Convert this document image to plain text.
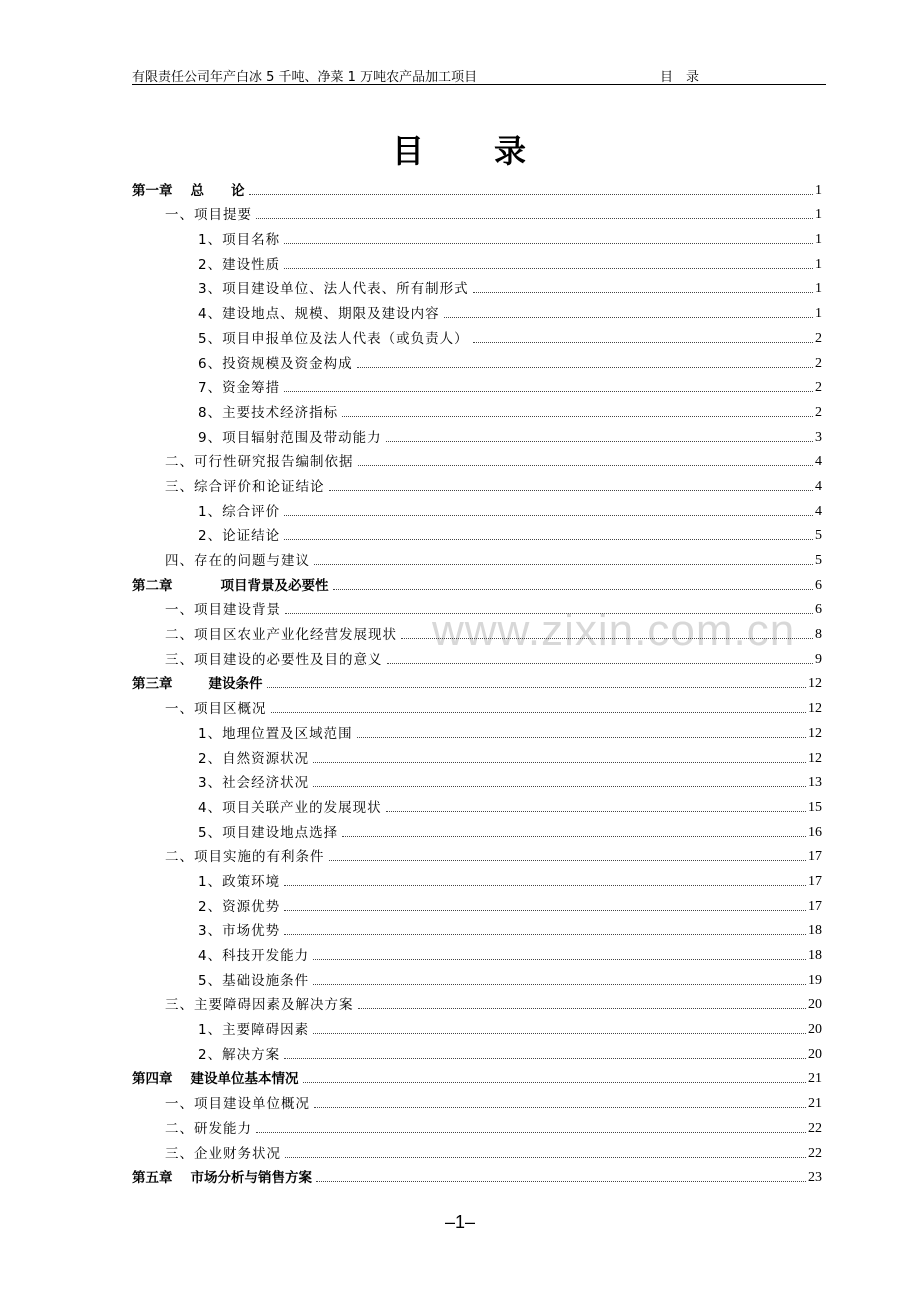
有限责任公司年产白冰 5 千吨、净菜 1 万吨农产品加工项目	目　录
目　　录
www.zixin.com.cn
第一章 总　　论	1
一、项目提要	1
1、项目名称	1
2、建设性质	1
3、项目建设单位、法人代表、所有制形式	1
4、建设地点、规模、期限及建设内容	1
5、项目申报单位及法人代表（或负责人）	2
6、投资规模及资金构成	2
7、资金筹措	2
8、主要技术经济指标	2
9、项目辐射范围及带动能力	3
二、可行性研究报告编制依据	4
三、综合评价和论证结论	4
1、综合评价	4
2、论证结论	5
四、存在的问题与建议	5
第二章	项目背景及必要性	6
一、项目建设背景	6
二、项目区农业产业化经营发展现状	8
三、项目建设的必要性及目的意义	9
第三章	建设条件	12
一、项目区概况	12
1、地理位置及区域范围	12
2、自然资源状况	12
3、社会经济状况	13
4、项目关联产业的发展现状	15
5、项目建设地点选择	16
二、项目实施的有利条件	17
1、政策环境	17
2、资源优势	17
3、市场优势	18
4、科技开发能力	18
5、基础设施条件	19
三、主要障碍因素及解决方案	20
1、主要障碍因素	20
2、解决方案	20
第四章 建设单位基本情况	21
一、项目建设单位概况	21
二、研发能力	22
三、企业财务状况	22
第五章 市场分析与销售方案	23
–1–
